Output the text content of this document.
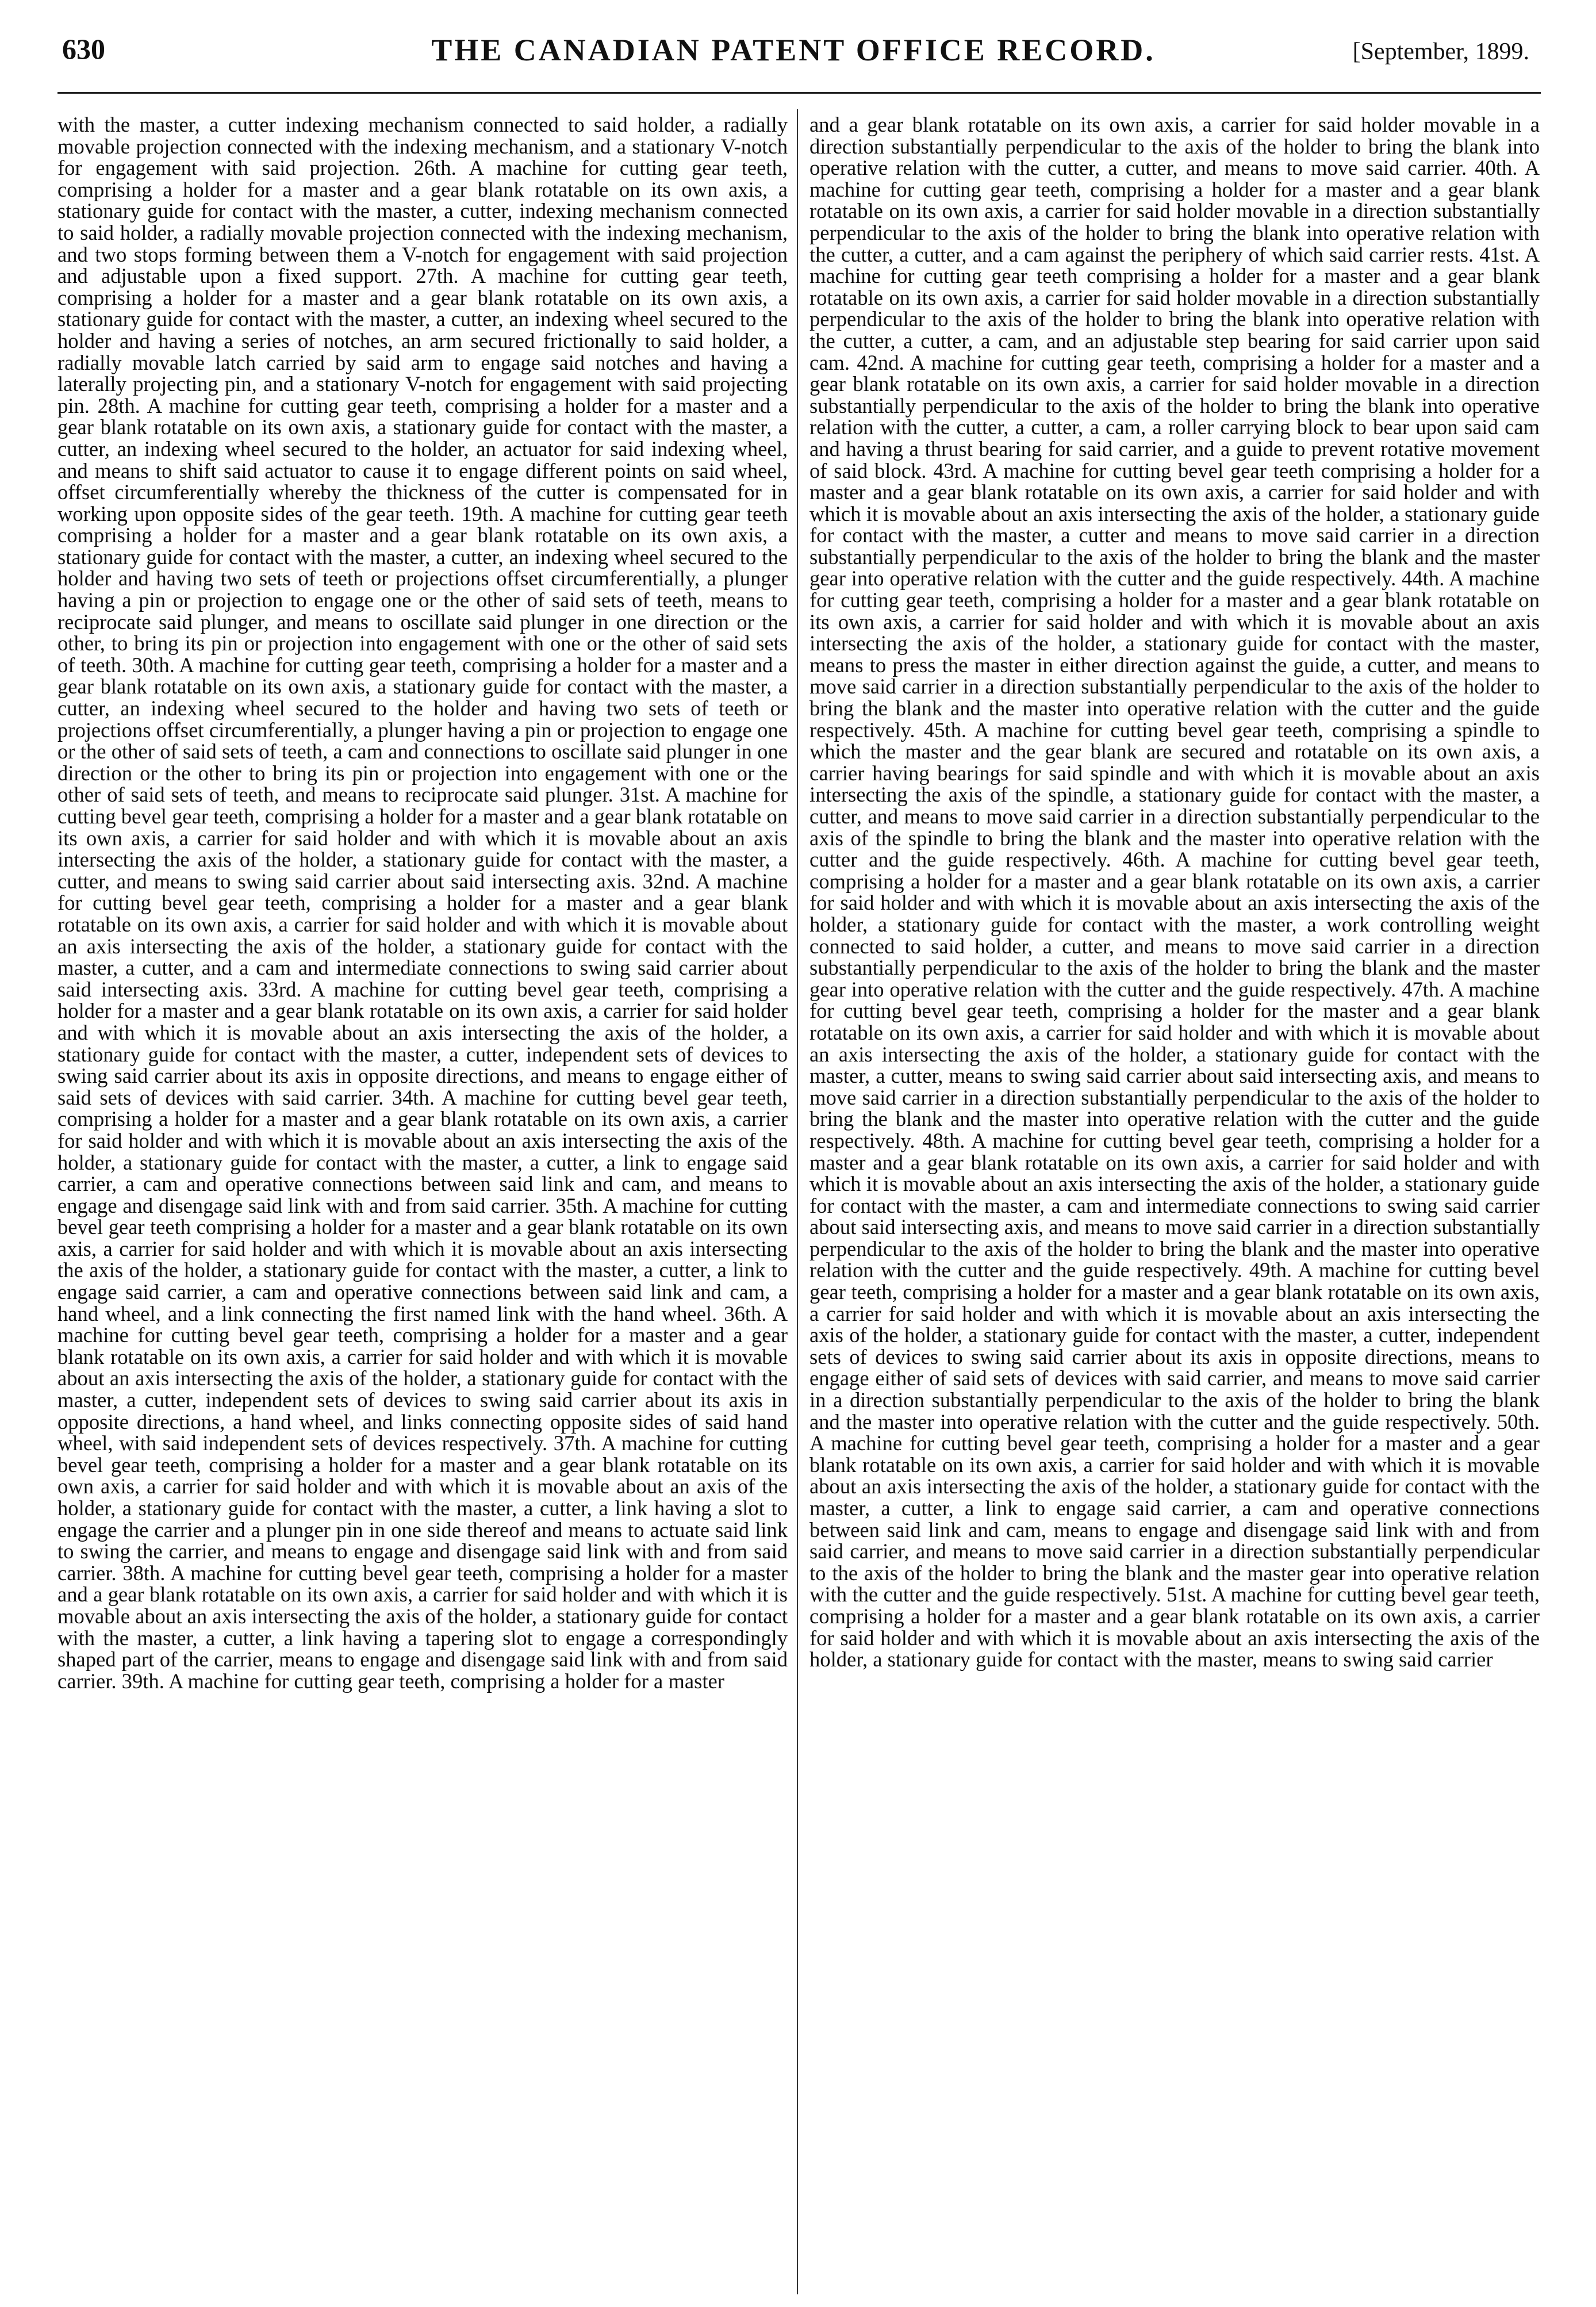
630	THE CANADIAN PATENT OFFICE RECORD.	[September, 1899.
with the master, a cutter indexing mechanism connected to said holder, a radially movable projection connected with the indexing mechanism, and a stationary V-notch for engagement with said projection. 26th. A machine for cutting gear teeth, comprising a holder for a master and a gear blank rotatable on its own axis, a stationary guide for contact with the master, a cutter, indexing mechanism connected to said holder, a radially movable projection connected with the indexing mechanism, and two stops forming between them a V-notch for engagement with said projection and adjustable upon a fixed support. 27th. A machine for cutting gear teeth, comprising a holder for a master and a gear blank rotatable on its own axis, a stationary guide for contact with the master, a cutter, an indexing wheel secured to the holder and having a series of notches, an arm secured frictionally to said holder, a radially movable latch carried by said arm to engage said notches and having a laterally projecting pin, and a stationary V-notch for engagement with said projecting pin. 28th. A machine for cutting gear teeth, comprising a holder for a master and a gear blank rotatable on its own axis, a stationary guide for contact with the master, a cutter, an indexing wheel secured to the holder, an actuator for said indexing wheel, and means to shift said actuator to cause it to engage different points on said wheel, offset circumferentially whereby the thickness of the cutter is compensated for in working upon opposite sides of the gear teeth. 19th. A machine for cutting gear teeth comprising a holder for a master and a gear blank rotatable on its own axis, a stationary guide for contact with the master, a cutter, an indexing wheel secured to the holder and having two sets of teeth or projections offset circumferentially, a plunger having a pin or projection to engage one or the other of said sets of teeth, means to reciprocate said plunger, and means to oscillate said plunger in one direction or the other, to bring its pin or projection into engagement with one or the other of said sets of teeth. 30th. A machine for cutting gear teeth, comprising a holder for a master and a gear blank rotatable on its own axis, a stationary guide for contact with the master, a cutter, an indexing wheel secured to the holder and having two sets of teeth or projections offset circumferentially, a plunger having a pin or projection to engage one or the other of said sets of teeth, a cam and connections to oscillate said plunger in one direction or the other to bring its pin or projection into engagement with one or the other of said sets of teeth, and means to reciprocate said plunger. 31st. A machine for cutting bevel gear teeth, comprising a holder for a master and a gear blank rotatable on its own axis, a carrier for said holder and with which it is movable about an axis intersecting the axis of the holder, a stationary guide for contact with the master, a cutter, and means to swing said carrier about said intersecting axis. 32nd. A machine for cutting bevel gear teeth, comprising a holder for a master and a gear blank rotatable on its own axis, a carrier for said holder and with which it is movable about an axis intersecting the axis of the holder, a stationary guide for contact with the master, a cutter, and a cam and intermediate connections to swing said carrier about said intersecting axis. 33rd. A machine for cutting bevel gear teeth, comprising a holder for a master and a gear blank rotatable on its own axis, a carrier for said holder and with which it is movable about an axis intersecting the axis of the holder, a stationary guide for contact with the master, a cutter, independent sets of devices to swing said carrier about its axis in opposite directions, and means to engage either of said sets of devices with said carrier. 34th. A machine for cutting bevel gear teeth, comprising a holder for a master and a gear blank rotatable on its own axis, a carrier for said holder and with which it is movable about an axis intersecting the axis of the holder, a stationary guide for contact with the master, a cutter, a link to engage said carrier, a cam and operative connections between said link and cam, and means to engage and disengage said link with and from said carrier. 35th. A machine for cutting bevel gear teeth comprising a holder for a master and a gear blank rotatable on its own axis, a carrier for said holder and with which it is movable about an axis intersecting the axis of the holder, a stationary guide for contact with the master, a cutter, a link to engage said carrier, a cam and operative connections between said link and cam, a hand wheel, and a link connecting the first named link with the hand wheel. 36th. A machine for cutting bevel gear teeth, comprising a holder for a master and a gear blank rotatable on its own axis, a carrier for said holder and with which it is movable about an axis intersecting the axis of the holder, a stationary guide for contact with the master, a cutter, independent sets of devices to swing said carrier about its axis in opposite directions, a hand wheel, and links connecting opposite sides of said hand wheel, with said independent sets of devices respectively. 37th. A machine for cutting bevel gear teeth, comprising a holder for a master and a gear blank rotatable on its own axis, a carrier for said holder and with which it is movable about an axis of the holder, a stationary guide for contact with the master, a cutter, a link having a slot to engage the carrier and a plunger pin in one side thereof and means to actuate said link to swing the carrier, and means to engage and disengage said link with and from said carrier. 38th. A machine for cutting bevel gear teeth, comprising a holder for a master and a gear blank rotatable on its own axis, a carrier for said holder and with which it is movable about an axis intersecting the axis of the holder, a stationary guide for contact with the master, a cutter, a link having a tapering slot to engage a correspondingly shaped part of the carrier, means to engage and disengage said link with and from said carrier. 39th. A machine for cutting gear teeth, comprising a holder for a master
and a gear blank rotatable on its own axis, a carrier for said holder movable in a direction substantially perpendicular to the axis of the holder to bring the blank into operative relation with the cutter, a cutter, and means to move said carrier. 40th. A machine for cutting gear teeth, comprising a holder for a master and a gear blank rotatable on its own axis, a carrier for said holder movable in a direction substantially perpendicular to the axis of the holder to bring the blank into operative relation with the cutter, a cutter, and a cam against the periphery of which said carrier rests. 41st. A machine for cutting gear teeth comprising a holder for a master and a gear blank rotatable on its own axis, a carrier for said holder movable in a direction substantially perpendicular to the axis of the holder to bring the blank into operative relation with the cutter, a cutter, a cam, and an adjustable step bearing for said carrier upon said cam. 42nd. A machine for cutting gear teeth, comprising a holder for a master and a gear blank rotatable on its own axis, a carrier for said holder movable in a direction substantially perpendicular to the axis of the holder to bring the blank into operative relation with the cutter, a cutter, a cam, a roller carrying block to bear upon said cam and having a thrust bearing for said carrier, and a guide to prevent rotative movement of said block. 43rd. A machine for cutting bevel gear teeth comprising a holder for a master and a gear blank rotatable on its own axis, a carrier for said holder and with which it is movable about an axis intersecting the axis of the holder, a stationary guide for contact with the master, a cutter and means to move said carrier in a direction substantially perpendicular to the axis of the holder to bring the blank and the master gear into operative relation with the cutter and the guide respectively. 44th. A machine for cutting gear teeth, comprising a holder for a master and a gear blank rotatable on its own axis, a carrier for said holder and with which it is movable about an axis intersecting the axis of the holder, a stationary guide for contact with the master, means to press the master in either direction against the guide, a cutter, and means to move said carrier in a direction substantially perpendicular to the axis of the holder to bring the blank and the master into operative relation with the cutter and the guide respectively. 45th. A machine for cutting bevel gear teeth, comprising a spindle to which the master and the gear blank are secured and rotatable on its own axis, a carrier having bearings for said spindle and with which it is movable about an axis intersecting the axis of the spindle, a stationary guide for contact with the master, a cutter, and means to move said carrier in a direction substantially perpendicular to the axis of the spindle to bring the blank and the master into operative relation with the cutter and the guide respectively. 46th. A machine for cutting bevel gear teeth, comprising a holder for a master and a gear blank rotatable on its own axis, a carrier for said holder and with which it is movable about an axis intersecting the axis of the holder, a stationary guide for contact with the master, a work controlling weight connected to said holder, a cutter, and means to move said carrier in a direction substantially perpendicular to the axis of the holder to bring the blank and the master gear into operative relation with the cutter and the guide respectively. 47th. A machine for cutting bevel gear teeth, comprising a holder for the master and a gear blank rotatable on its own axis, a carrier for said holder and with which it is movable about an axis intersecting the axis of the holder, a stationary guide for contact with the master, a cutter, means to swing said carrier about said intersecting axis, and means to move said carrier in a direction substantially perpendicular to the axis of the holder to bring the blank and the master into operative relation with the cutter and the guide respectively. 48th. A machine for cutting bevel gear teeth, comprising a holder for a master and a gear blank rotatable on its own axis, a carrier for said holder and with which it is movable about an axis intersecting the axis of the holder, a stationary guide for contact with the master, a cam and intermediate connections to swing said carrier about said intersecting axis, and means to move said carrier in a direction substantially perpendicular to the axis of the holder to bring the blank and the master into operative relation with the cutter and the guide respectively. 49th. A machine for cutting bevel gear teeth, comprising a holder for a master and a gear blank rotatable on its own axis, a carrier for said holder and with which it is movable about an axis intersecting the axis of the holder, a stationary guide for contact with the master, a cutter, independent sets of devices to swing said carrier about its axis in opposite directions, means to engage either of said sets of devices with said carrier, and means to move said carrier in a direction substantially perpendicular to the axis of the holder to bring the blank and the master into operative relation with the cutter and the guide respectively. 50th. A machine for cutting bevel gear teeth, comprising a holder for a master and a gear blank rotatable on its own axis, a carrier for said holder and with which it is movable about an axis intersecting the axis of the holder, a stationary guide for contact with the master, a cutter, a link to engage said carrier, a cam and operative connections between said link and cam, means to engage and disengage said link with and from said carrier, and means to move said carrier in a direction substantially perpendicular to the axis of the holder to bring the blank and the master gear into operative relation with the cutter and the guide respectively. 51st. A machine for cutting bevel gear teeth, comprising a holder for a master and a gear blank rotatable on its own axis, a carrier for said holder and with which it is movable about an axis intersecting the axis of the holder, a stationary guide for contact with the master, means to swing said carrier
